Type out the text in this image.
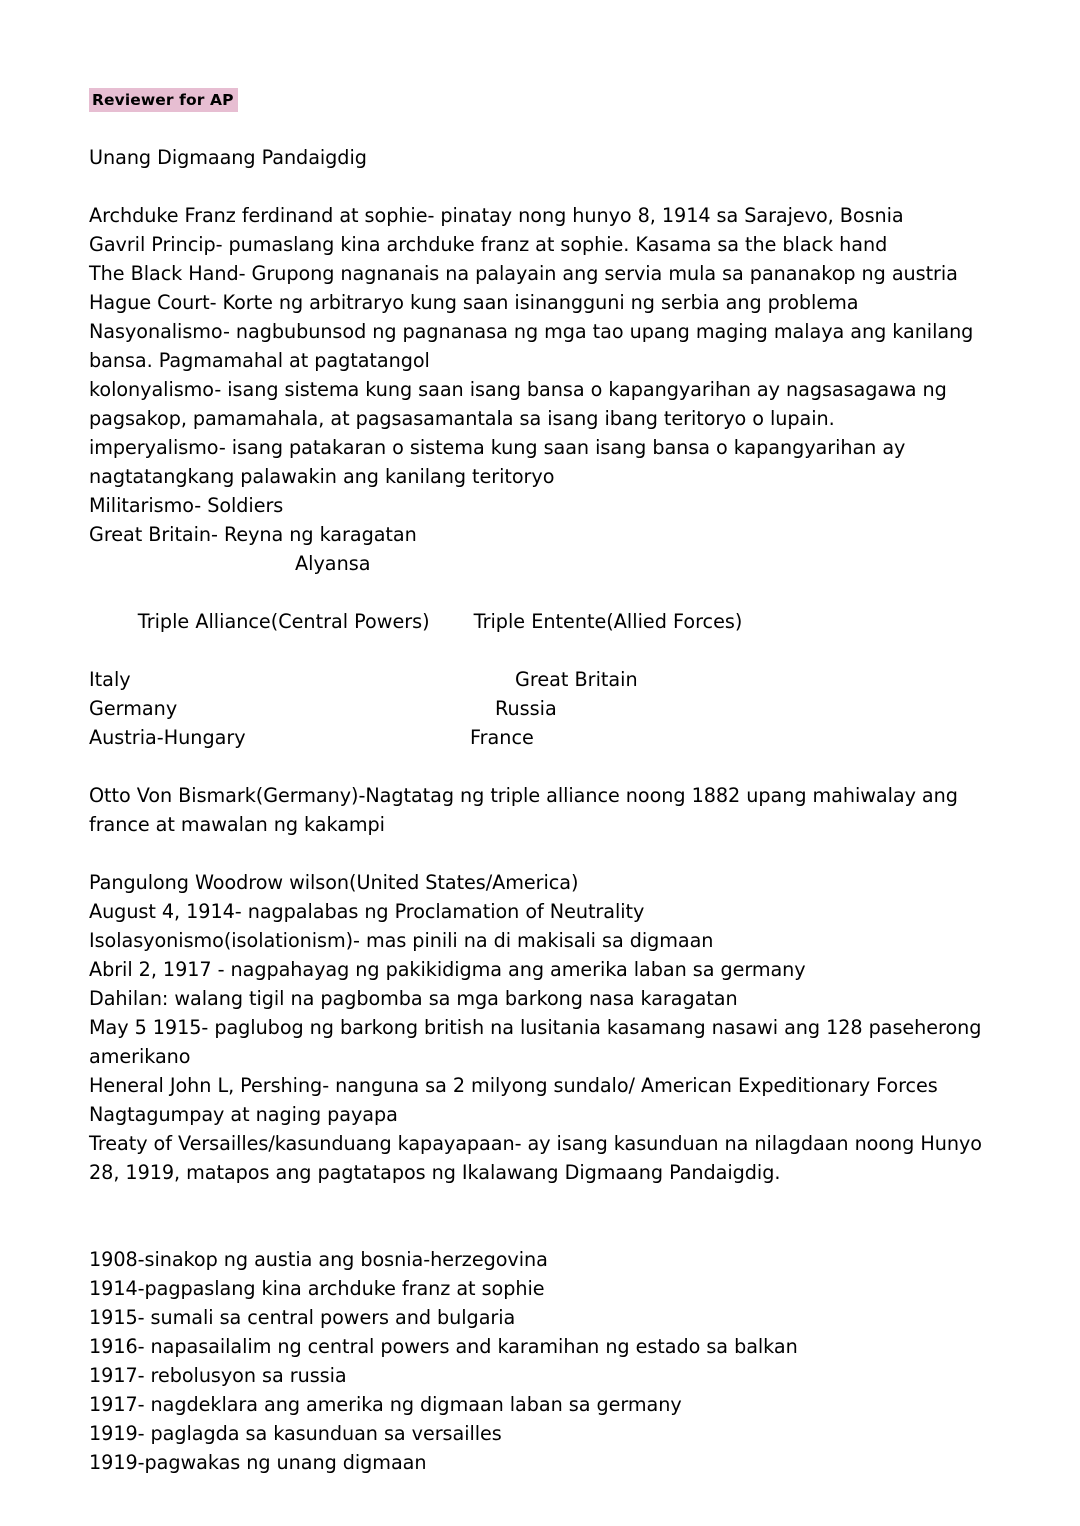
Reviewer for AP

Unang Digmaang Pandaigdig

Archduke Franz ferdinand at sophie- pinatay nong hunyo 8, 1914 sa Sarajevo, Bosnia
Gavril Princip- pumaslang kina archduke franz at sophie. Kasama sa the black hand
The Black Hand- Grupong nagnanais na palayain ang servia mula sa pananakop ng austria
Hague Court- Korte ng arbitraryo kung saan isinangguni ng serbia ang problema
Nasyonalismo- nagbubunsod ng pagnanasa ng mga tao upang maging malaya ang kanilang bansa. Pagmamahal at pagtatangol
kolonyalismo- isang sistema kung saan isang bansa o kapangyarihan ay nagsasagawa ng pagsakop, pamamahala, at pagsasamantala sa isang ibang teritoryo o lupain.
imperyalismo- isang patakaran o sistema kung saan isang bansa o kapangyarihan ay nagtatangkang palawakin ang kanilang teritoryo
Militarismo- Soldiers
Great Britain- Reyna ng karagatan
Alyansa

Triple Alliance(Central Powers) Triple Entente(Allied Forces)

Italy	Great Britain
Germany	Russia
Austria-Hungary	France

Otto Von Bismark(Germany)-Nagtatag ng triple alliance noong 1882 upang mahiwalay ang france at mawalan ng kakampi

Pangulong Woodrow wilson(United States/America)
August 4, 1914- nagpalabas ng Proclamation of Neutrality
Isolasyonismo(isolationism)- mas pinili na di makisali sa digmaan
Abril 2, 1917 - nagpahayag ng pakikidigma ang amerika laban sa germany
Dahilan: walang tigil na pagbomba sa mga barkong nasa karagatan
May 5 1915- paglubog ng barkong british na lusitania kasamang nasawi ang 128 paseherong amerikano
Heneral John L, Pershing- nanguna sa 2 milyong sundalo/ American Expeditionary Forces
Nagtagumpay at naging payapa
Treaty of Versailles/kasunduang kapayapaan- ay isang kasunduan na nilagdaan noong Hunyo 28, 1919, matapos ang pagtatapos ng Ikalawang Digmaang Pandaigdig.

1908-sinakop ng austia ang bosnia-herzegovina
1914-pagpaslang kina archduke franz at sophie
1915- sumali sa central powers and bulgaria
1916- napasailalim ng central powers and karamihan ng estado sa balkan
1917- rebolusyon sa russia
1917- nagdeklara ang amerika ng digmaan laban sa germany
1919- paglagda sa kasunduan sa versailles
1919-pagwakas ng unang digmaan
